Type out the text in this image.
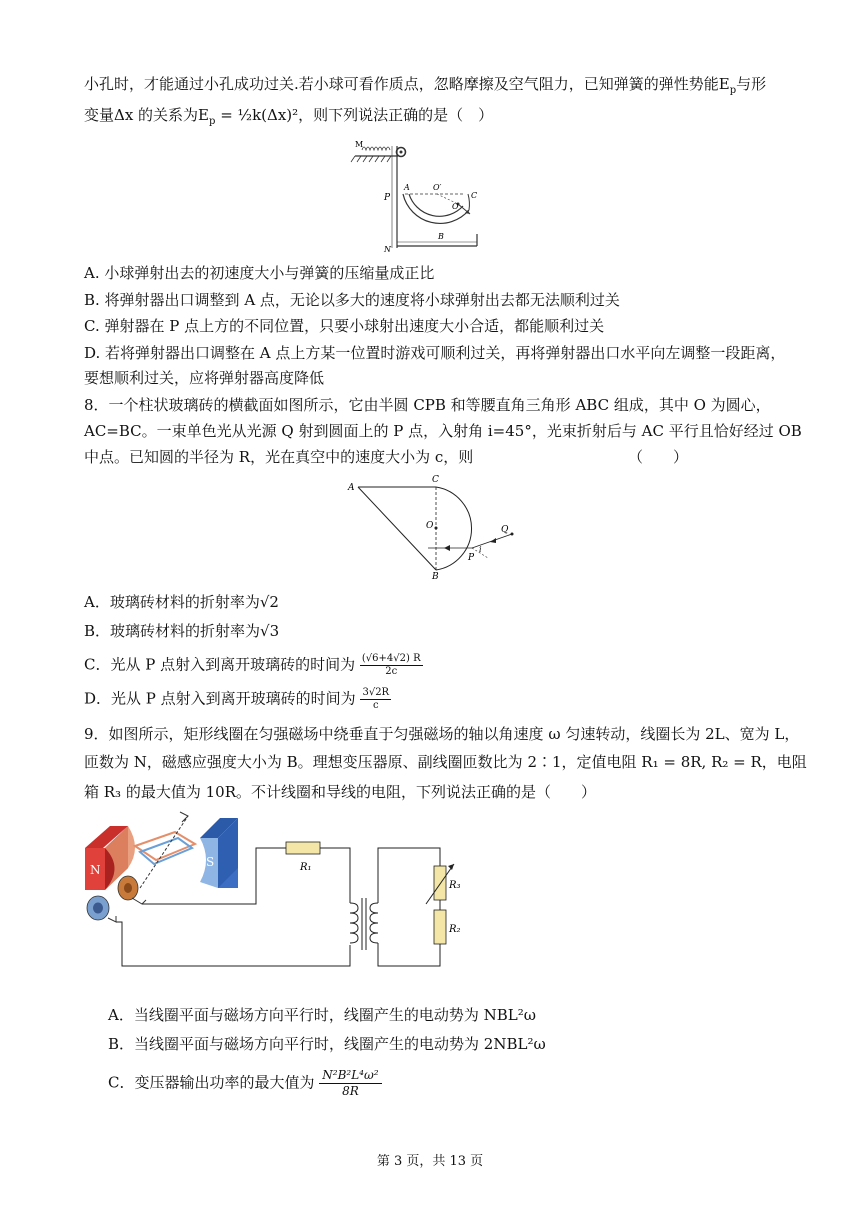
小孔时，才能通过小孔成功过关.若小球可看作质点，忽略摩擦及空气阻力，已知弹簧的弹性势能$E_p$与形
变量Δx 的关系为$E_p$ = ½k(Δx)²，则下列说法正确的是（　）
M
P
N
A	O′
C
O
B
A. 小球弹射出去的初速度大小与弹簧的压缩量成正比
B. 将弹射器出口调整到 A 点，无论以多大的速度将小球弹射出去都无法顺利过关
C. 弹射器在 P 点上方的不同位置，只要小球射出速度大小合适，都能顺利过关
D. 若将弹射器出口调整在 A 点上方某一位置时游戏可顺利过关，再将弹射器出口水平向左调整一段距离，
要想顺利过关，应将弹射器高度降低
8．一个柱状玻璃砖的横截面如图所示，它由半圆 CPB 和等腰直角三角形 ABC 组成，其中 O 为圆心，
AC=BC。一束单色光从光源 Q 射到圆面上的 P 点，入射角 i=45°，光束折射后与 AC 平行且恰好经过 OB
中点。已知圆的半径为 R，光在真空中的速度大小为 c，则	（　　）
A
C
O	Q
P
i
B
A．玻璃砖材料的折射率为√2
B．玻璃砖材料的折射率为√3
C．光从 P 点射入到离开玻璃砖的时间为 $\frac{(√6+4√2) R}{2c}$
D．光从 P 点射入到离开玻璃砖的时间为 $\frac{3√2R}{c}$
9．如图所示，矩形线圈在匀强磁场中绕垂直于匀强磁场的轴以角速度 ω 匀速转动，线圈长为 2L、宽为 L，
匝数为 N，磁感应强度大小为 B。理想变压器原、副线圈匝数比为 2∶1，定值电阻 R₁ = 8R, R₂ = R，电阻
箱 R₃ 的最大值为 10R。不计线圈和导线的电阻，下列说法正确的是（　　）
N
S	R₁
R₃
R₂
A．当线圈平面与磁场方向平行时，线圈产生的电动势为 NBL²ω
B．当线圈平面与磁场方向平行时，线圈产生的电动势为 2NBL²ω
C．变压器输出功率的最大值为 $\frac{\text{N²B²L⁴ω²}}{8R}$
第 3 页，共 13 页
